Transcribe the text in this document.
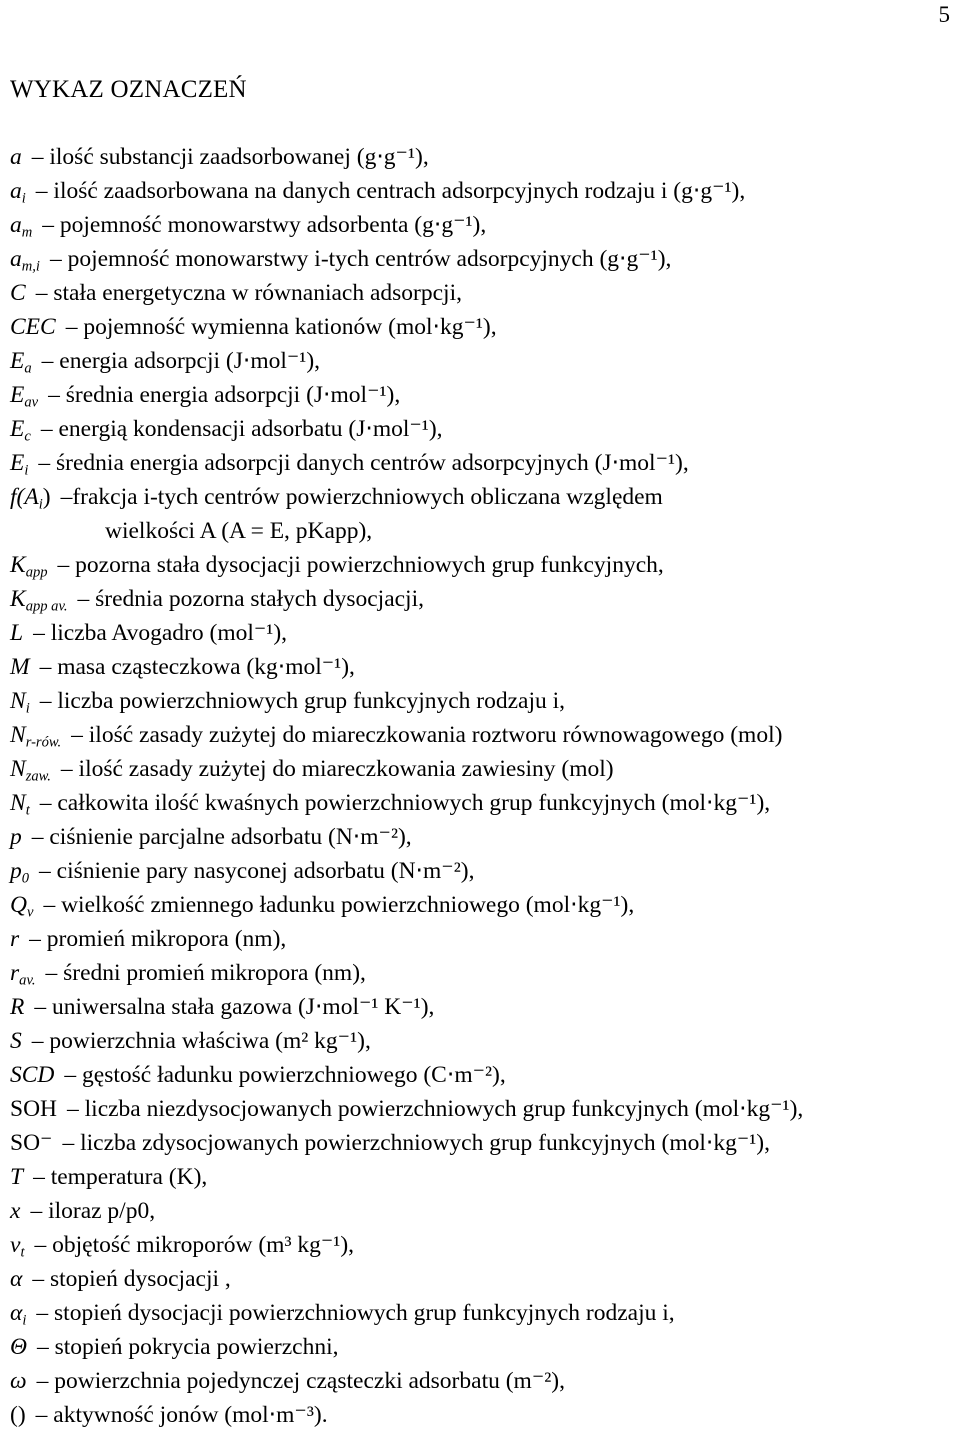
5
WYKAZ OZNACZEŃ
a – ilość substancji zaadsorbowanej (g⋅g⁻¹),
$a_i$ – ilość zaadsorbowana na danych centrach adsorpcyjnych rodzaju i (g⋅g⁻¹),
$a_m$ – pojemność monowarstwy adsorbenta (g⋅g⁻¹),
$a_{m,i}$ – pojemność monowarstwy i-tych centrów adsorpcyjnych (g⋅g⁻¹),
C – stała energetyczna w równaniach adsorpcji,
CEC – pojemność wymienna kationów (mol⋅kg⁻¹),
$E_a$ – energia adsorpcji (J⋅mol⁻¹),
$E_{av}$ – średnia energia adsorpcji (J⋅mol⁻¹),
$E_c$ – energią kondensacji adsorbatu (J⋅mol⁻¹),
$E_i$ – średnia energia adsorpcji danych centrów adsorpcyjnych (J⋅mol⁻¹),
$f(A_i)$ –frakcja i-tych centrów powierzchniowych obliczana względem
wielkości A (A = E, pKapp),
$K_{app}$ – pozorna stała dysocjacji powierzchniowych grup funkcyjnych,
$K_{app av.}$ – średnia pozorna stałych dysocjacji,
L – liczba Avogadro (mol⁻¹),
M – masa cząsteczkowa (kg⋅mol⁻¹),
$N_i$ – liczba powierzchniowych grup funkcyjnych rodzaju i,
$N_{r-rów.}$ – ilość zasady zużytej do miareczkowania roztworu równowagowego (mol)
$N_{zaw.}$ – ilość zasady zużytej do miareczkowania zawiesiny (mol)
$N_t$ – całkowita ilość kwaśnych powierzchniowych grup funkcyjnych (mol⋅kg⁻¹),
p – ciśnienie parcjalne adsorbatu (N⋅m⁻²),
$p_0$ – ciśnienie pary nasyconej adsorbatu (N⋅m⁻²),
$Q_v$ – wielkość zmiennego ładunku powierzchniowego (mol⋅kg⁻¹),
r – promień mikropora (nm),
$r_{av.}$ – średni promień mikropora (nm),
R – uniwersalna stała gazowa (J⋅mol⁻¹ K⁻¹),
S – powierzchnia właściwa (m² kg⁻¹),
SCD – gęstość ładunku powierzchniowego (C⋅m⁻²),
SOH – liczba niezdysocjowanych powierzchniowych grup funkcyjnych (mol⋅kg⁻¹),
SO⁻ – liczba zdysocjowanych powierzchniowych grup funkcyjnych (mol⋅kg⁻¹),
T – temperatura (K),
x – iloraz p/p0,
$v_t$ – objętość mikroporów (m³ kg⁻¹),
α – stopień dysocjacji ,
$\alpha_i$ – stopień dysocjacji powierzchniowych grup funkcyjnych rodzaju i,
Θ – stopień pokrycia powierzchni,
ω – powierzchnia pojedynczej cząsteczki adsorbatu (m⁻²),
() – aktywność jonów (mol⋅m⁻³).
